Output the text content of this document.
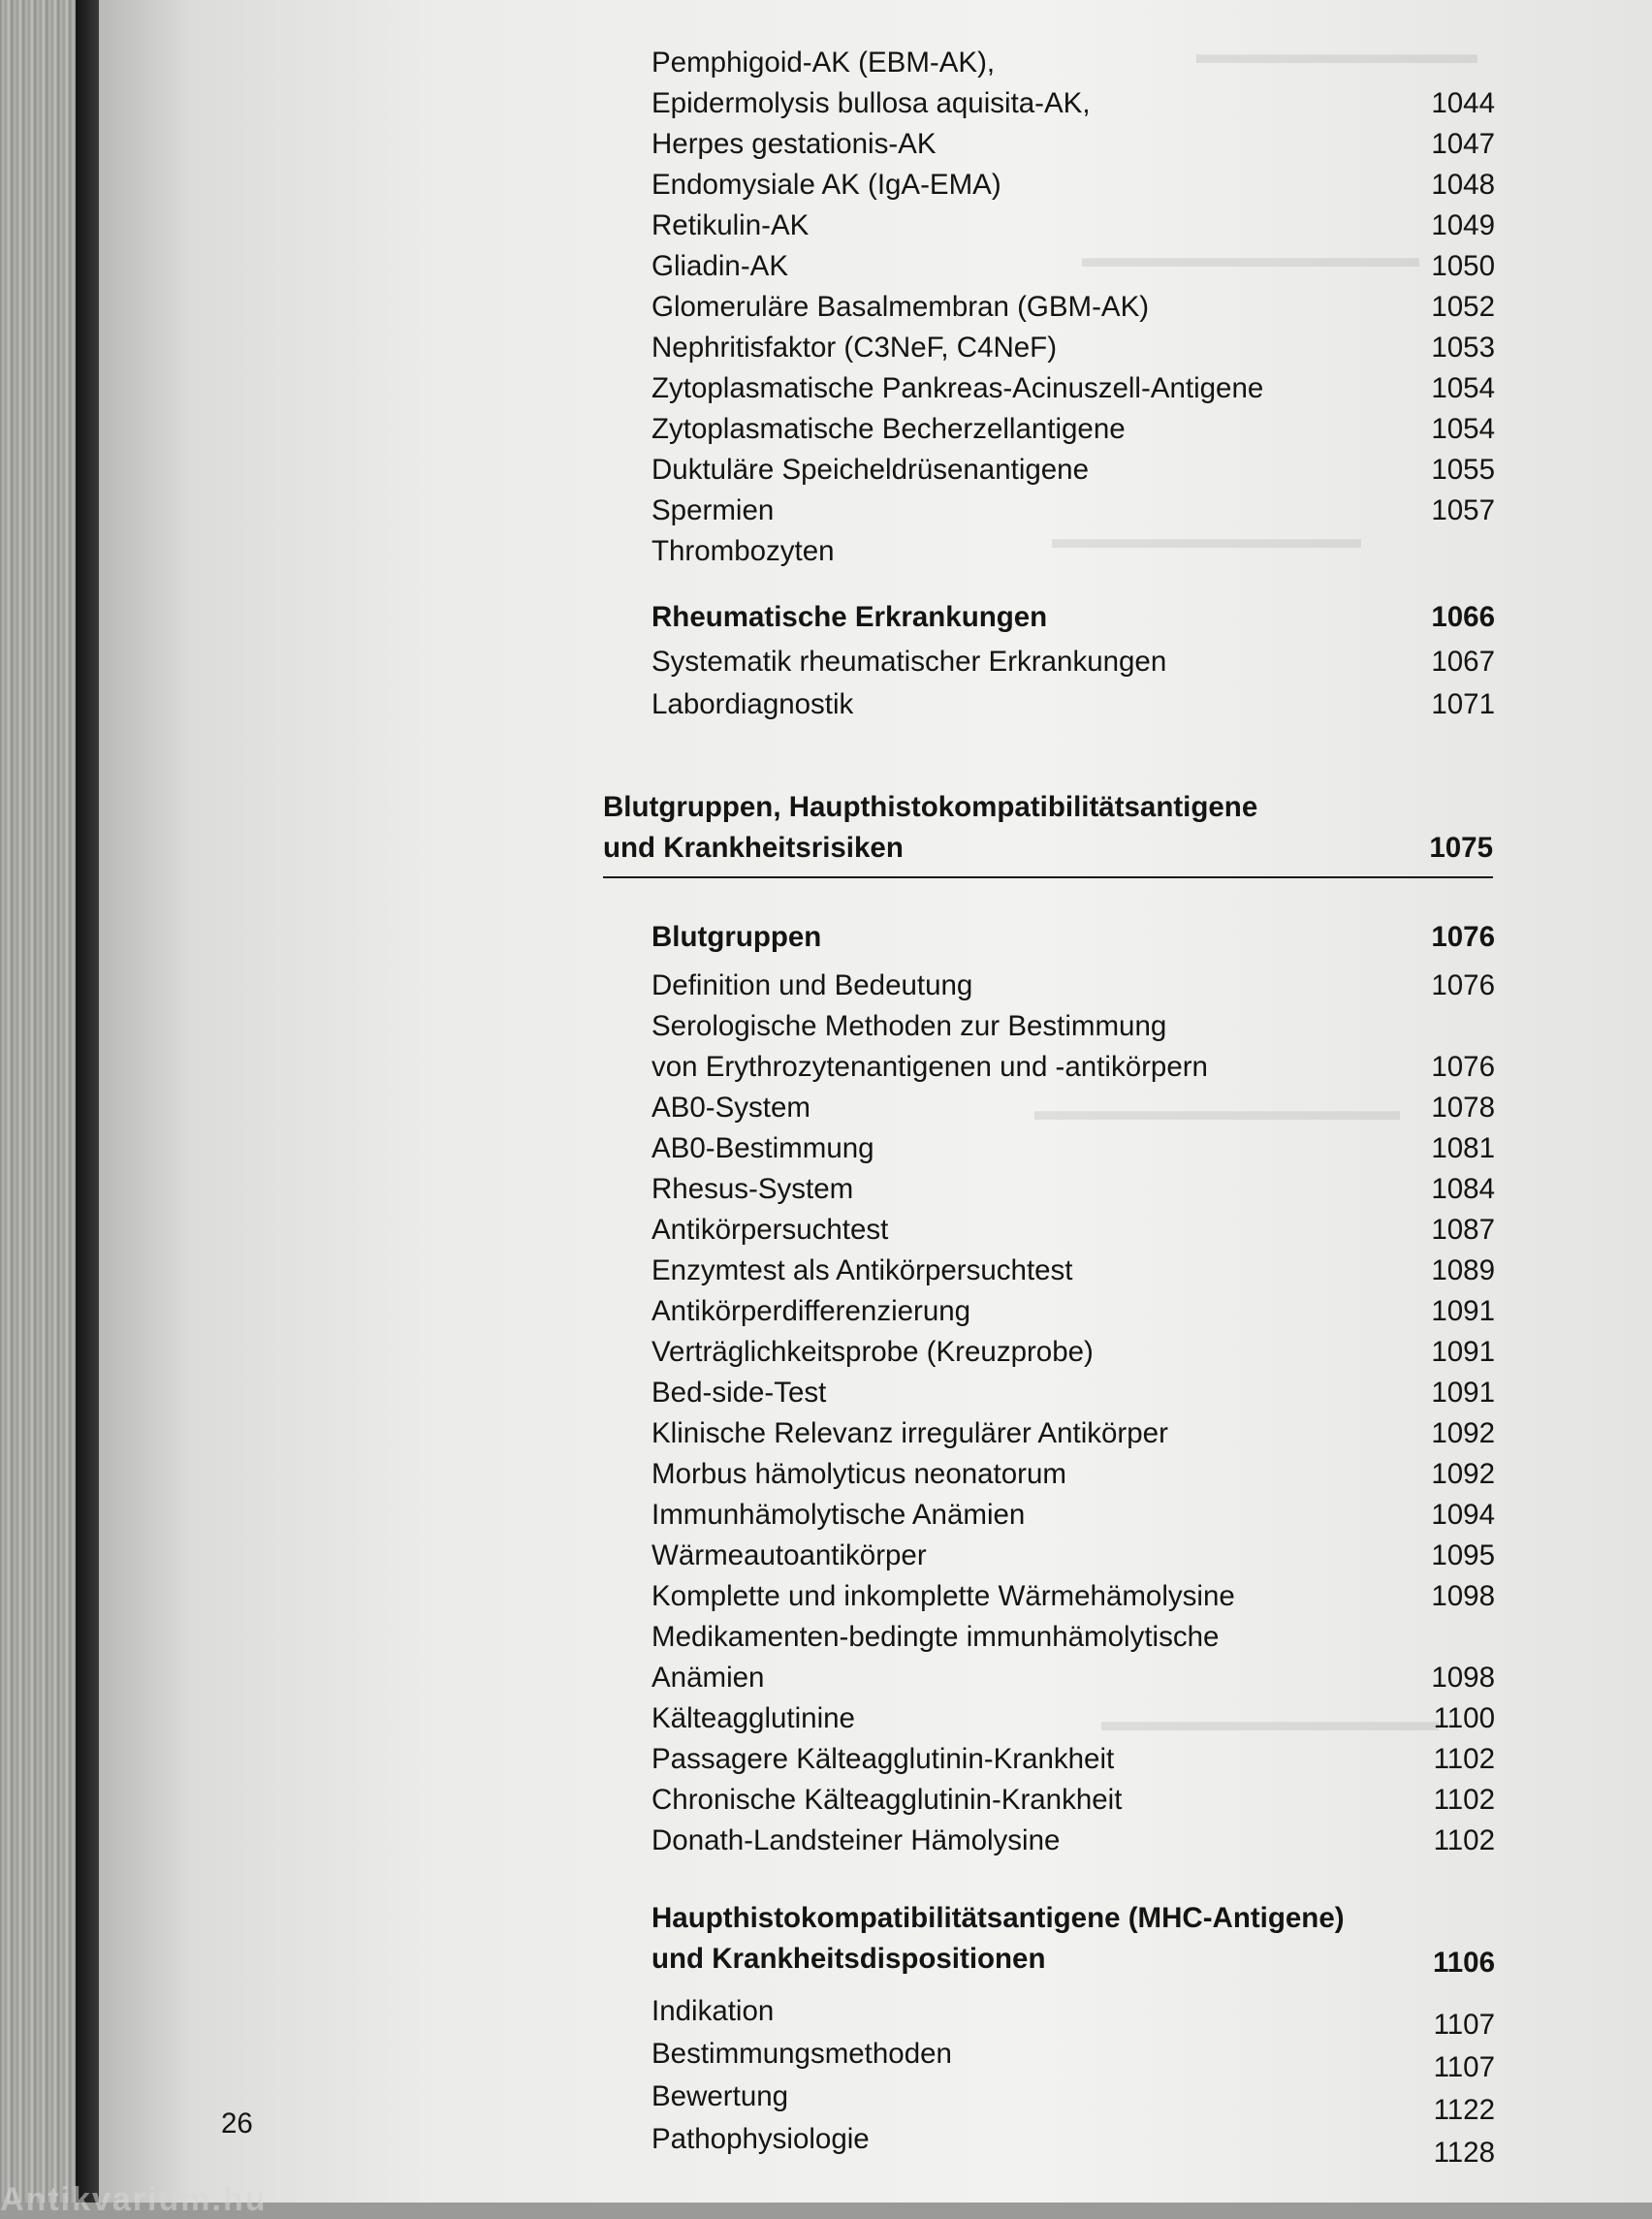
Pemphigoid-AK (EBM-AK),
Epidermolysis bullosa aquisita-AK,	1044
Herpes gestationis-AK	1047
Endomysiale AK (IgA-EMA)	1048
Retikulin-AK	1049
Gliadin-AK	1050
Glomeruläre Basalmembran (GBM-AK)	1052
Nephritisfaktor (C3NeF, C4NeF)	1053
Zytoplasmatische Pankreas-Acinuszell-Antigene	1054
Zytoplasmatische Becherzellantigene	1054
Duktuläre Speicheldrüsenantigene	1055
Spermien	1057
Thrombozyten
Rheumatische Erkrankungen	1066
Systematik rheumatischer Erkrankungen	1067
Labordiagnostik	1071
Blutgruppen, Haupthistokompatibilitätsantigene
und Krankheitsrisiken	1075
Blutgruppen	1076
Definition und Bedeutung	1076
Serologische Methoden zur Bestimmung
von Erythrozytenantigenen und -antikörpern	1076
AB0-System	1078
AB0-Bestimmung	1081
Rhesus-System	1084
Antikörpersuchtest	1087
Enzymtest als Antikörpersuchtest	1089
Antikörperdifferenzierung	1091
Verträglichkeitsprobe (Kreuzprobe)	1091
Bed-side-Test	1091
Klinische Relevanz irregulärer Antikörper	1092
Morbus hämolyticus neonatorum	1092
Immunhämolytische Anämien	1094
Wärmeautoantikörper	1095
Komplette und inkomplette Wärmehämolysine	1098
Medikamenten-bedingte immunhämolytische
Anämien	1098
Kälteagglutinine	1100
Passagere Kälteagglutinin-Krankheit	1102
Chronische Kälteagglutinin-Krankheit	1102
Donath-Landsteiner Hämolysine	1102
Haupthistokompatibilitätsantigene (MHC-Antigene)
und Krankheitsdispositionen	1106
Indikation	1107
Bestimmungsmethoden	1107
Bewertung	1122
Pathophysiologie	1128
26
Antikvarium.hu
